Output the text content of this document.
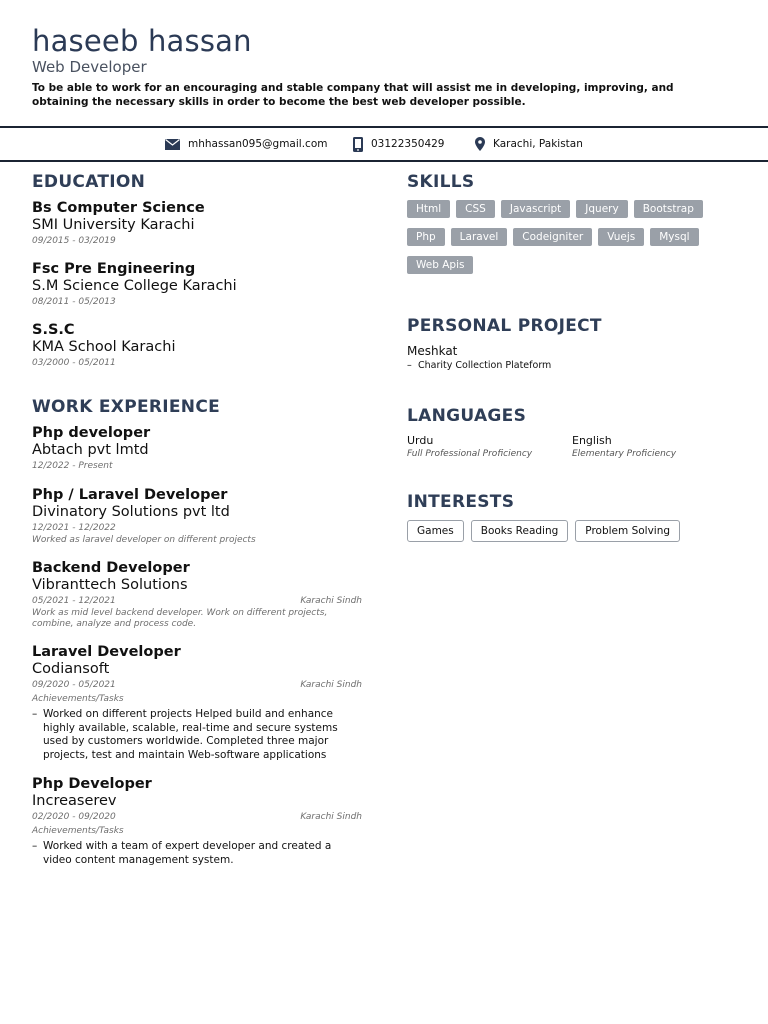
haseeb hassan
Web Developer
To be able to work for an encouraging and stable company that will assist me in developing, improving, and obtaining the necessary skills in order to become the best web developer possible.
mhhassan095@gmail.com	03122350429	Karachi, Pakistan
EDUCATION
Bs Computer Science
SMI University Karachi
09/2015 - 03/2019
Fsc Pre Engineering
S.M Science College Karachi
08/2011 - 05/2013
S.S.C
KMA School Karachi
03/2000 - 05/2011
WORK EXPERIENCE
Php developer
Abtach pvt lmtd
12/2022 - Present
Php / Laravel Developer
Divinatory Solutions pvt ltd
12/2021 - 12/2022
Worked as laravel developer on different projects
Backend Developer
Vibranttech Solutions
05/2021 - 12/2021	Karachi Sindh
Work as mid level backend developer. Work on different projects, combine, analyze and process code.
Laravel Developer
Codiansoft
09/2020 - 05/2021	Karachi Sindh
Achievements/Tasks
– Worked on different projects Helped build and enhance highly available, scalable, real-time and secure systems used by customers worldwide. Completed three major projects, test and maintain Web-software applications
Php Developer
Increaserev
02/2020 - 09/2020	Karachi Sindh
Achievements/Tasks
– Worked with a team of expert developer and created a video content management system.
SKILLS
Html	CSS	Javascript	Jquery	Bootstrap
Php	Laravel	Codeigniter	Vuejs	Mysql
Web Apis
PERSONAL PROJECT
Meshkat
– Charity Collection Plateform
LANGUAGES
Urdu
Full Professional Proficiency
English
Elementary Proficiency
INTERESTS
Games	Books Reading	Problem Solving
